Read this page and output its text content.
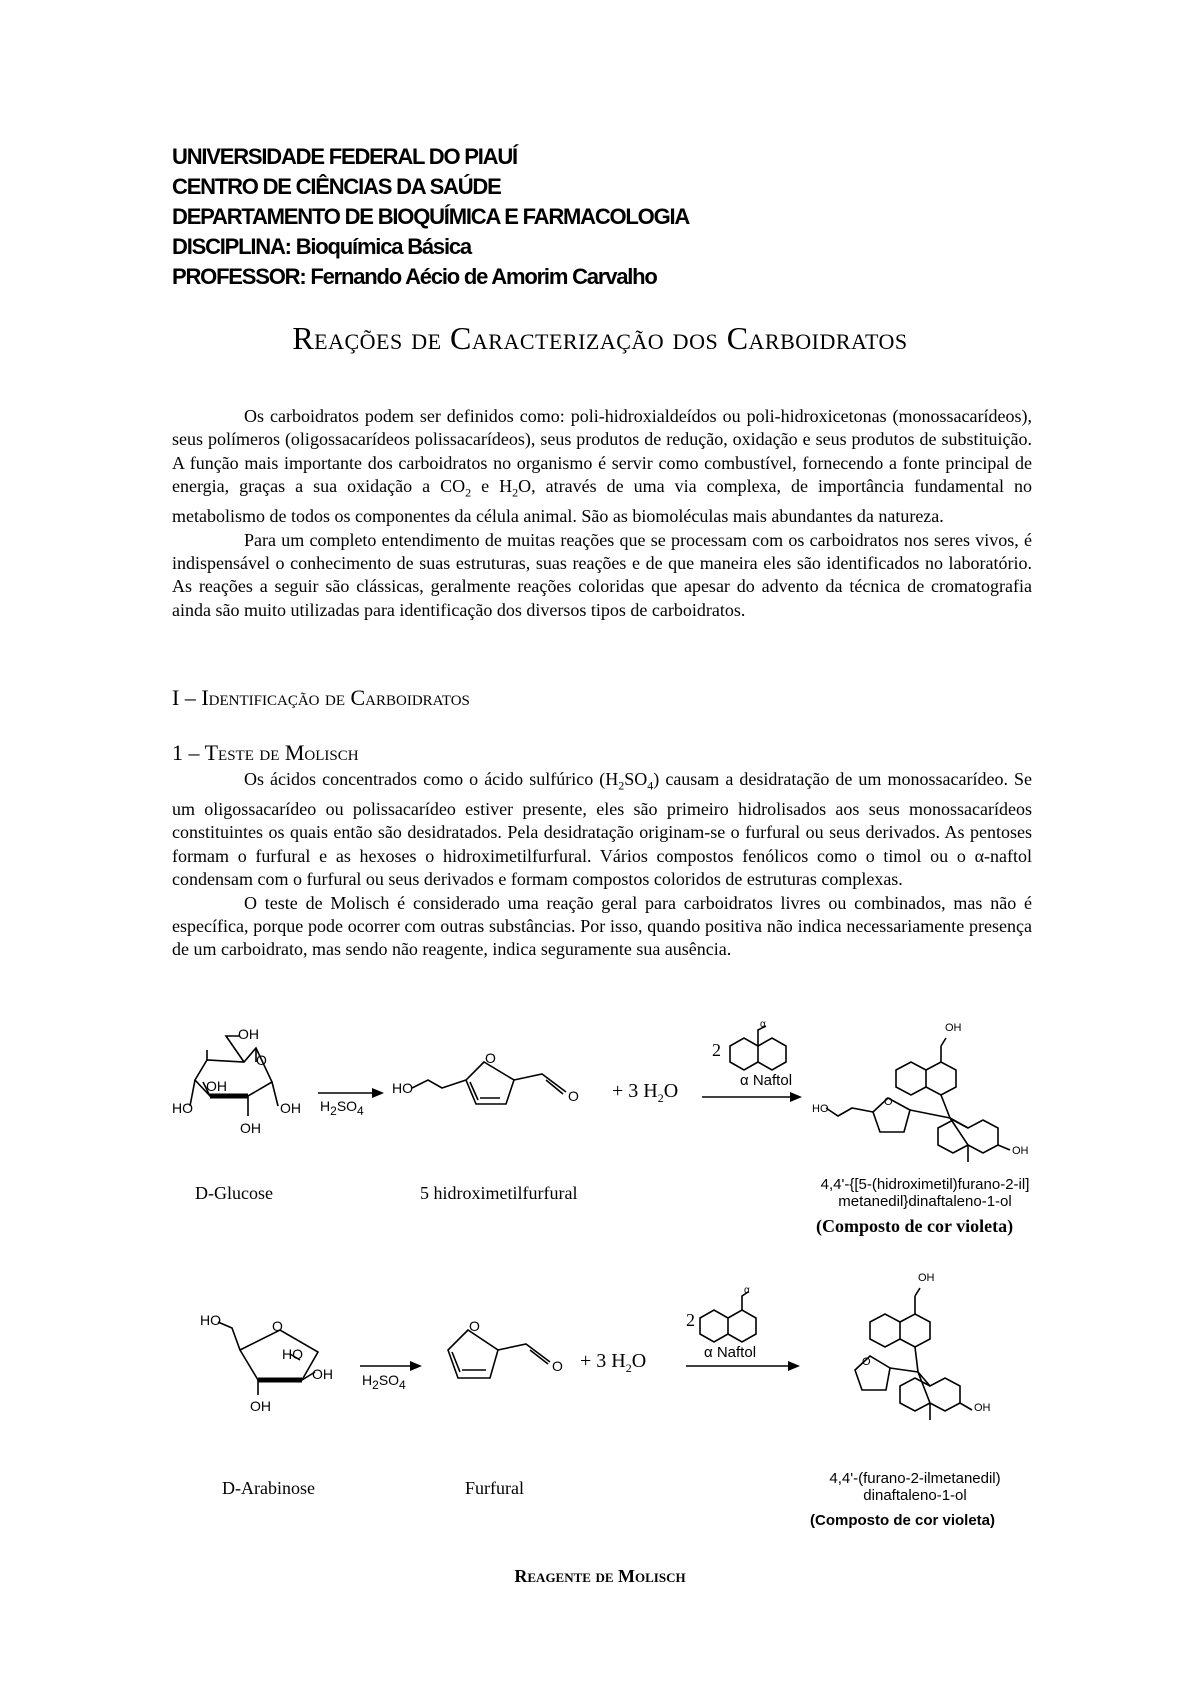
UNIVERSIDADE FEDERAL DO PIAUÍ
CENTRO DE CIÊNCIAS DA SAÚDE
DEPARTAMENTO DE BIOQUÍMICA E FARMACOLOGIA
DISCIPLINA: Bioquímica Básica
PROFESSOR: Fernando Aécio de Amorim Carvalho
Reações de Caracterização dos Carboidratos

Os carboidratos podem ser definidos como: poli-hidroxialdeídos ou poli-hidroxicetonas (monossacarídeos), seus polímeros (oligossacarídeos polissacarídeos), seus produtos de redução, oxidação e seus produtos de substituição. A função mais importante dos carboidratos no organismo é servir como combustível, fornecendo a fonte principal de energia, graças a sua oxidação a $CO_2$ e $H_2O$, através de uma via complexa, de importância fundamental no metabolismo de todos os componentes da célula animal. São as biomoléculas mais abundantes da natureza.

Para um completo entendimento de muitas reações que se processam com os carboidratos nos seres vivos, é indispensável o conhecimento de suas estruturas, suas reações e de que maneira eles são identificados no laboratório. As reações a seguir são clássicas, geralmente reações coloridas que apesar do advento da técnica de cromatografia ainda são muito utilizadas para identificação dos diversos tipos de carboidratos.

I – Identificação de Carboidratos
1 – Teste de Molisch

Os ácidos concentrados como o ácido sulfúrico $(H_2SO_4)$ causam a desidratação de um monossacarídeo. Se um oligossacarídeo ou polissacarídeo estiver presente, eles são primeiro hidrolisados aos seus monossacarídeos constituintes os quais então são desidratados. Pela desidratação originam-se o furfural ou seus derivados. As pentoses formam o furfural e as hexoses o hidroximetilfurfural. Vários compostos fenólicos como o timol ou o α-naftol condensam com o furfural ou seus derivados e formam compostos coloridos de estruturas complexas.

O teste de Molisch é considerado uma reação geral para carboidratos livres ou combinados, mas não é específica, porque pode ocorrer com outras substâncias. Por isso, quando positiva não indica necessariamente presença de um carboidrato, mas sendo não reagente, indica seguramente sua ausência.

OH
OH
HO	OH
OH
O
$H_2SO_4$
HO
O
O + 3 $H_2O$
2
α
α Naftol
OH
OH
HO
O
D-Glucose	5 hidroximetilfurfural	4,4'-{[5-(hidroximetil)furano-2-il]
metanedil}dinaftaleno-1-ol
(Composto de cor violeta)
HO	O
HO
OH
OH
$H_2SO_4$
O
O + 3 $H_2O$
2
α
α Naftol
OH
OH
O
D-Arabinose	Furfural	4,4'-(furano-2-ilmetanedil)
dinaftaleno-1-ol
(Composto de cor violeta)
Reagente de Molisch
